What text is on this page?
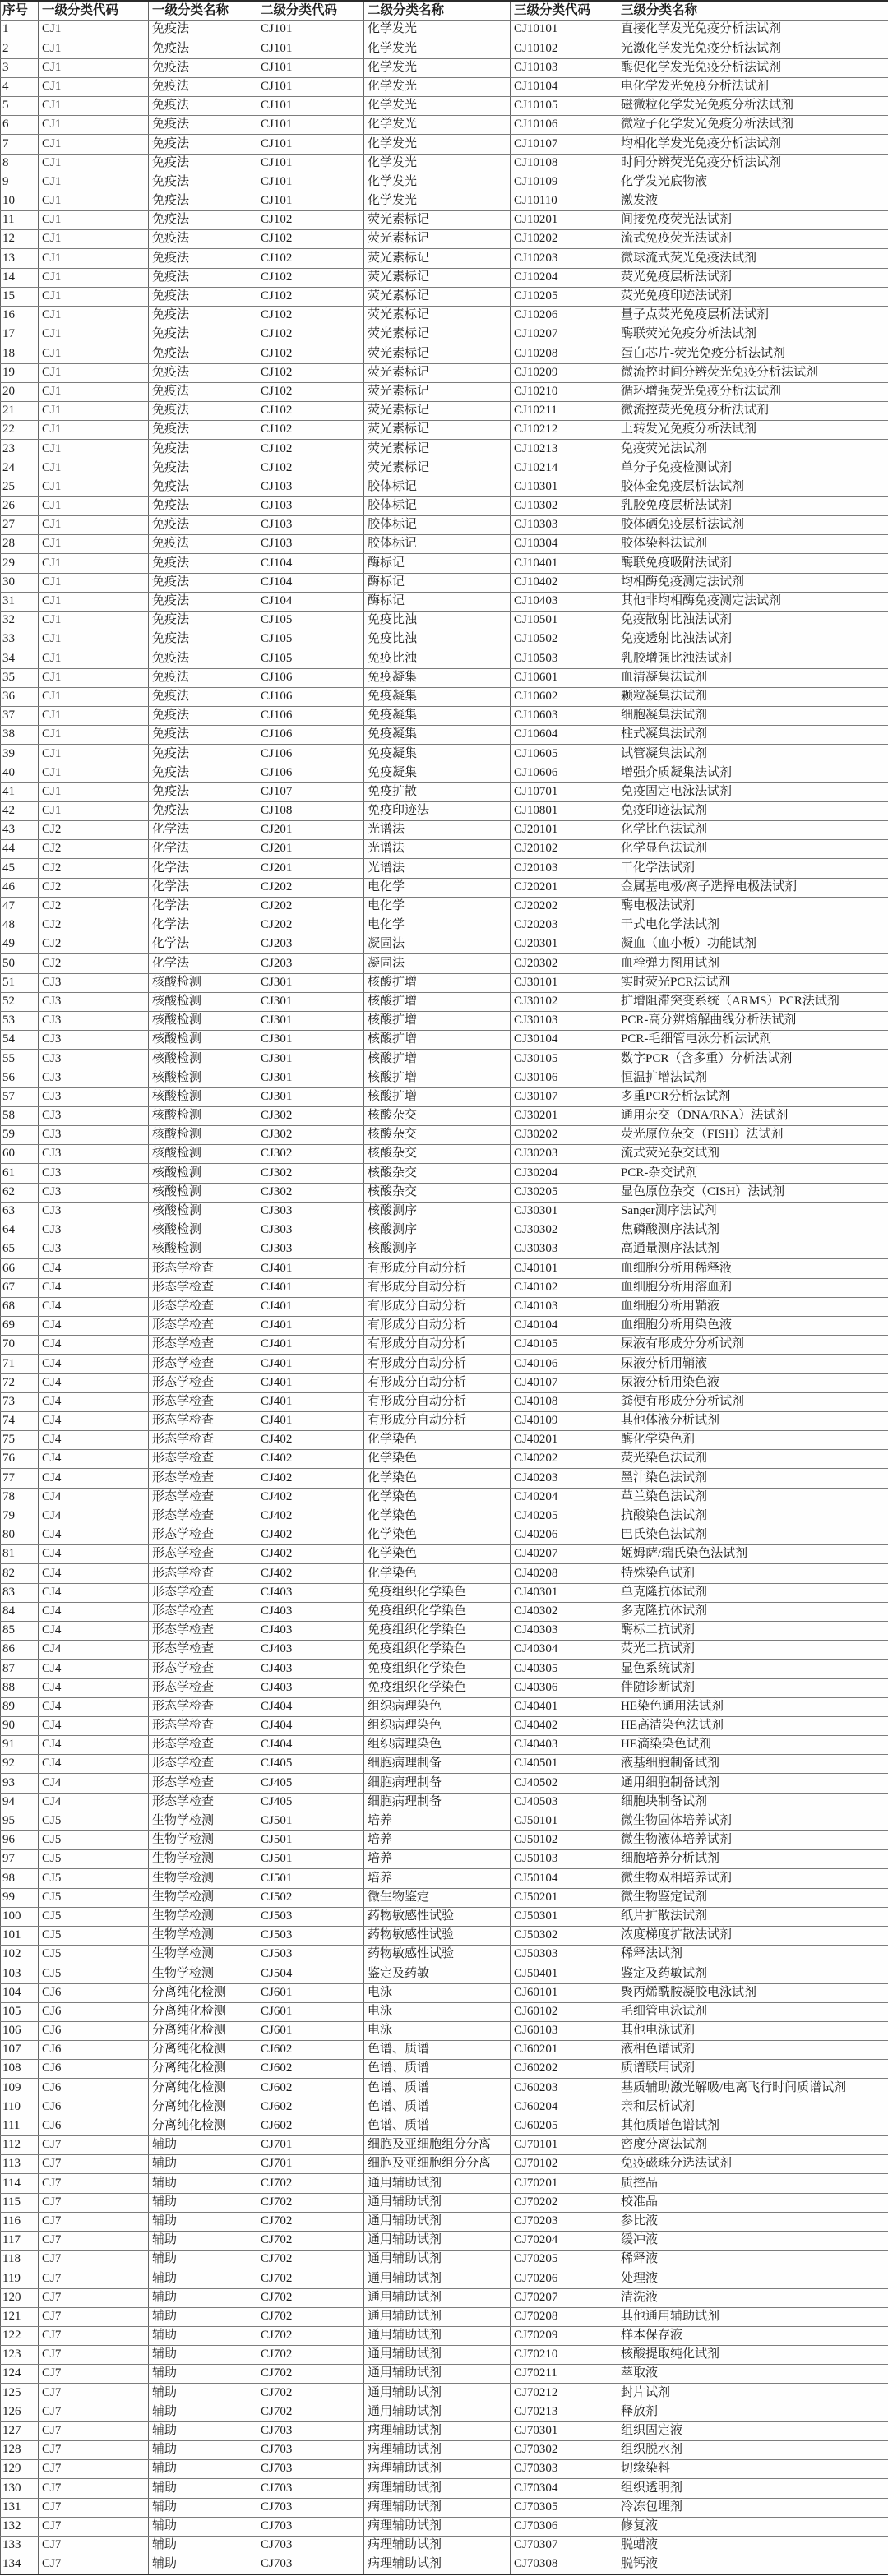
序号	一级分类代码	一级分类名称	二级分类代码	二级分类名称	三级分类代码	三级分类名称
1	CJ1	免疫法	CJ101	化学发光	CJ10101	直接化学发光免疫分析法试剂
2	CJ1	免疫法	CJ101	化学发光	CJ10102	光激化学发光免疫分析法试剂
3	CJ1	免疫法	CJ101	化学发光	CJ10103	酶促化学发光免疫分析法试剂
4	CJ1	免疫法	CJ101	化学发光	CJ10104	电化学发光免疫分析法试剂
5	CJ1	免疫法	CJ101	化学发光	CJ10105	磁微粒化学发光免疫分析法试剂
6	CJ1	免疫法	CJ101	化学发光	CJ10106	微粒子化学发光免疫分析法试剂
7	CJ1	免疫法	CJ101	化学发光	CJ10107	均相化学发光免疫分析法试剂
8	CJ1	免疫法	CJ101	化学发光	CJ10108	时间分辨荧光免疫分析法试剂
9	CJ1	免疫法	CJ101	化学发光	CJ10109	化学发光底物液
10	CJ1	免疫法	CJ101	化学发光	CJ10110	激发液
11	CJ1	免疫法	CJ102	荧光素标记	CJ10201	间接免疫荧光法试剂
12	CJ1	免疫法	CJ102	荧光素标记	CJ10202	流式免疫荧光法试剂
13	CJ1	免疫法	CJ102	荧光素标记	CJ10203	微球流式荧光免疫法试剂
14	CJ1	免疫法	CJ102	荧光素标记	CJ10204	荧光免疫层析法试剂
15	CJ1	免疫法	CJ102	荧光素标记	CJ10205	荧光免疫印迹法试剂
16	CJ1	免疫法	CJ102	荧光素标记	CJ10206	量子点荧光免疫层析法试剂
17	CJ1	免疫法	CJ102	荧光素标记	CJ10207	酶联荧光免疫分析法试剂
18	CJ1	免疫法	CJ102	荧光素标记	CJ10208	蛋白芯片-荧光免疫分析法试剂
19	CJ1	免疫法	CJ102	荧光素标记	CJ10209	微流控时间分辨荧光免疫分析法试剂
20	CJ1	免疫法	CJ102	荧光素标记	CJ10210	循环增强荧光免疫分析法试剂
21	CJ1	免疫法	CJ102	荧光素标记	CJ10211	微流控荧光免疫分析法试剂
22	CJ1	免疫法	CJ102	荧光素标记	CJ10212	上转发光免疫分析法试剂
23	CJ1	免疫法	CJ102	荧光素标记	CJ10213	免疫荧光法试剂
24	CJ1	免疫法	CJ102	荧光素标记	CJ10214	单分子免疫检测试剂
25	CJ1	免疫法	CJ103	胶体标记	CJ10301	胶体金免疫层析法试剂
26	CJ1	免疫法	CJ103	胶体标记	CJ10302	乳胶免疫层析法试剂
27	CJ1	免疫法	CJ103	胶体标记	CJ10303	胶体硒免疫层析法试剂
28	CJ1	免疫法	CJ103	胶体标记	CJ10304	胶体染料法试剂
29	CJ1	免疫法	CJ104	酶标记	CJ10401	酶联免疫吸附法试剂
30	CJ1	免疫法	CJ104	酶标记	CJ10402	均相酶免疫测定法试剂
31	CJ1	免疫法	CJ104	酶标记	CJ10403	其他非均相酶免疫测定法试剂
32	CJ1	免疫法	CJ105	免疫比浊	CJ10501	免疫散射比浊法试剂
33	CJ1	免疫法	CJ105	免疫比浊	CJ10502	免疫透射比浊法试剂
34	CJ1	免疫法	CJ105	免疫比浊	CJ10503	乳胶增强比浊法试剂
35	CJ1	免疫法	CJ106	免疫凝集	CJ10601	血清凝集法试剂
36	CJ1	免疫法	CJ106	免疫凝集	CJ10602	颗粒凝集法试剂
37	CJ1	免疫法	CJ106	免疫凝集	CJ10603	细胞凝集法试剂
38	CJ1	免疫法	CJ106	免疫凝集	CJ10604	柱式凝集法试剂
39	CJ1	免疫法	CJ106	免疫凝集	CJ10605	试管凝集法试剂
40	CJ1	免疫法	CJ106	免疫凝集	CJ10606	增强介质凝集法试剂
41	CJ1	免疫法	CJ107	免疫扩散	CJ10701	免疫固定电泳法试剂
42	CJ1	免疫法	CJ108	免疫印迹法	CJ10801	免疫印迹法试剂
43	CJ2	化学法	CJ201	光谱法	CJ20101	化学比色法试剂
44	CJ2	化学法	CJ201	光谱法	CJ20102	化学显色法试剂
45	CJ2	化学法	CJ201	光谱法	CJ20103	干化学法试剂
46	CJ2	化学法	CJ202	电化学	CJ20201	金属基电极/离子选择电极法试剂
47	CJ2	化学法	CJ202	电化学	CJ20202	酶电极法试剂
48	CJ2	化学法	CJ202	电化学	CJ20203	干式电化学法试剂
49	CJ2	化学法	CJ203	凝固法	CJ20301	凝血（血小板）功能试剂
50	CJ2	化学法	CJ203	凝固法	CJ20302	血栓弹力图用试剂
51	CJ3	核酸检测	CJ301	核酸扩增	CJ30101	实时荧光PCR法试剂
52	CJ3	核酸检测	CJ301	核酸扩增	CJ30102	扩增阻滞突变系统（ARMS）PCR法试剂
53	CJ3	核酸检测	CJ301	核酸扩增	CJ30103	PCR-高分辨熔解曲线分析法试剂
54	CJ3	核酸检测	CJ301	核酸扩增	CJ30104	PCR-毛细管电泳分析法试剂
55	CJ3	核酸检测	CJ301	核酸扩增	CJ30105	数字PCR（含多重）分析法试剂
56	CJ3	核酸检测	CJ301	核酸扩增	CJ30106	恒温扩增法试剂
57	CJ3	核酸检测	CJ301	核酸扩增	CJ30107	多重PCR分析法试剂
58	CJ3	核酸检测	CJ302	核酸杂交	CJ30201	通用杂交（DNA/RNA）法试剂
59	CJ3	核酸检测	CJ302	核酸杂交	CJ30202	荧光原位杂交（FISH）法试剂
60	CJ3	核酸检测	CJ302	核酸杂交	CJ30203	流式荧光杂交试剂
61	CJ3	核酸检测	CJ302	核酸杂交	CJ30204	PCR-杂交试剂
62	CJ3	核酸检测	CJ302	核酸杂交	CJ30205	显色原位杂交（CISH）法试剂
63	CJ3	核酸检测	CJ303	核酸测序	CJ30301	Sanger测序法试剂
64	CJ3	核酸检测	CJ303	核酸测序	CJ30302	焦磷酸测序法试剂
65	CJ3	核酸检测	CJ303	核酸测序	CJ30303	高通量测序法试剂
66	CJ4	形态学检查	CJ401	有形成分自动分析	CJ40101	血细胞分析用稀释液
67	CJ4	形态学检查	CJ401	有形成分自动分析	CJ40102	血细胞分析用溶血剂
68	CJ4	形态学检查	CJ401	有形成分自动分析	CJ40103	血细胞分析用鞘液
69	CJ4	形态学检查	CJ401	有形成分自动分析	CJ40104	血细胞分析用染色液
70	CJ4	形态学检查	CJ401	有形成分自动分析	CJ40105	尿液有形成分分析试剂
71	CJ4	形态学检查	CJ401	有形成分自动分析	CJ40106	尿液分析用鞘液
72	CJ4	形态学检查	CJ401	有形成分自动分析	CJ40107	尿液分析用染色液
73	CJ4	形态学检查	CJ401	有形成分自动分析	CJ40108	粪便有形成分分析试剂
74	CJ4	形态学检查	CJ401	有形成分自动分析	CJ40109	其他体液分析试剂
75	CJ4	形态学检查	CJ402	化学染色	CJ40201	酶化学染色剂
76	CJ4	形态学检查	CJ402	化学染色	CJ40202	荧光染色法试剂
77	CJ4	形态学检查	CJ402	化学染色	CJ40203	墨汁染色法试剂
78	CJ4	形态学检查	CJ402	化学染色	CJ40204	革兰染色法试剂
79	CJ4	形态学检查	CJ402	化学染色	CJ40205	抗酸染色法试剂
80	CJ4	形态学检查	CJ402	化学染色	CJ40206	巴氏染色法试剂
81	CJ4	形态学检查	CJ402	化学染色	CJ40207	姬姆萨/瑞氏染色法试剂
82	CJ4	形态学检查	CJ402	化学染色	CJ40208	特殊染色试剂
83	CJ4	形态学检查	CJ403	免疫组织化学染色	CJ40301	单克隆抗体试剂
84	CJ4	形态学检查	CJ403	免疫组织化学染色	CJ40302	多克隆抗体试剂
85	CJ4	形态学检查	CJ403	免疫组织化学染色	CJ40303	酶标二抗试剂
86	CJ4	形态学检查	CJ403	免疫组织化学染色	CJ40304	荧光二抗试剂
87	CJ4	形态学检查	CJ403	免疫组织化学染色	CJ40305	显色系统试剂
88	CJ4	形态学检查	CJ403	免疫组织化学染色	CJ40306	伴随诊断试剂
89	CJ4	形态学检查	CJ404	组织病理染色	CJ40401	HE染色通用法试剂
90	CJ4	形态学检查	CJ404	组织病理染色	CJ40402	HE高清染色法试剂
91	CJ4	形态学检查	CJ404	组织病理染色	CJ40403	HE滴染染色试剂
92	CJ4	形态学检查	CJ405	细胞病理制备	CJ40501	液基细胞制备试剂
93	CJ4	形态学检查	CJ405	细胞病理制备	CJ40502	通用细胞制备试剂
94	CJ4	形态学检查	CJ405	细胞病理制备	CJ40503	细胞块制备试剂
95	CJ5	生物学检测	CJ501	培养	CJ50101	微生物固体培养试剂
96	CJ5	生物学检测	CJ501	培养	CJ50102	微生物液体培养试剂
97	CJ5	生物学检测	CJ501	培养	CJ50103	细胞培养分析试剂
98	CJ5	生物学检测	CJ501	培养	CJ50104	微生物双相培养试剂
99	CJ5	生物学检测	CJ502	微生物鉴定	CJ50201	微生物鉴定试剂
100	CJ5	生物学检测	CJ503	药物敏感性试验	CJ50301	纸片扩散法试剂
101	CJ5	生物学检测	CJ503	药物敏感性试验	CJ50302	浓度梯度扩散法试剂
102	CJ5	生物学检测	CJ503	药物敏感性试验	CJ50303	稀释法试剂
103	CJ5	生物学检测	CJ504	鉴定及药敏	CJ50401	鉴定及药敏试剂
104	CJ6	分离纯化检测	CJ601	电泳	CJ60101	聚丙烯酰胺凝胶电泳试剂
105	CJ6	分离纯化检测	CJ601	电泳	CJ60102	毛细管电泳试剂
106	CJ6	分离纯化检测	CJ601	电泳	CJ60103	其他电泳试剂
107	CJ6	分离纯化检测	CJ602	色谱、质谱	CJ60201	液相色谱试剂
108	CJ6	分离纯化检测	CJ602	色谱、质谱	CJ60202	质谱联用试剂
109	CJ6	分离纯化检测	CJ602	色谱、质谱	CJ60203	基质辅助激光解吸/电离飞行时间质谱试剂
110	CJ6	分离纯化检测	CJ602	色谱、质谱	CJ60204	亲和层析试剂
111	CJ6	分离纯化检测	CJ602	色谱、质谱	CJ60205	其他质谱色谱试剂
112	CJ7	辅助	CJ701	细胞及亚细胞组分分离	CJ70101	密度分离法试剂
113	CJ7	辅助	CJ701	细胞及亚细胞组分分离	CJ70102	免疫磁珠分选法试剂
114	CJ7	辅助	CJ702	通用辅助试剂	CJ70201	质控品
115	CJ7	辅助	CJ702	通用辅助试剂	CJ70202	校准品
116	CJ7	辅助	CJ702	通用辅助试剂	CJ70203	参比液
117	CJ7	辅助	CJ702	通用辅助试剂	CJ70204	缓冲液
118	CJ7	辅助	CJ702	通用辅助试剂	CJ70205	稀释液
119	CJ7	辅助	CJ702	通用辅助试剂	CJ70206	处理液
120	CJ7	辅助	CJ702	通用辅助试剂	CJ70207	清洗液
121	CJ7	辅助	CJ702	通用辅助试剂	CJ70208	其他通用辅助试剂
122	CJ7	辅助	CJ702	通用辅助试剂	CJ70209	样本保存液
123	CJ7	辅助	CJ702	通用辅助试剂	CJ70210	核酸提取纯化试剂
124	CJ7	辅助	CJ702	通用辅助试剂	CJ70211	萃取液
125	CJ7	辅助	CJ702	通用辅助试剂	CJ70212	封片试剂
126	CJ7	辅助	CJ702	通用辅助试剂	CJ70213	释放剂
127	CJ7	辅助	CJ703	病理辅助试剂	CJ70301	组织固定液
128	CJ7	辅助	CJ703	病理辅助试剂	CJ70302	组织脱水剂
129	CJ7	辅助	CJ703	病理辅助试剂	CJ70303	切缘染料
130	CJ7	辅助	CJ703	病理辅助试剂	CJ70304	组织透明剂
131	CJ7	辅助	CJ703	病理辅助试剂	CJ70305	冷冻包埋剂
132	CJ7	辅助	CJ703	病理辅助试剂	CJ70306	修复液
133	CJ7	辅助	CJ703	病理辅助试剂	CJ70307	脱蜡液
134	CJ7	辅助	CJ703	病理辅助试剂	CJ70308	脱钙液
